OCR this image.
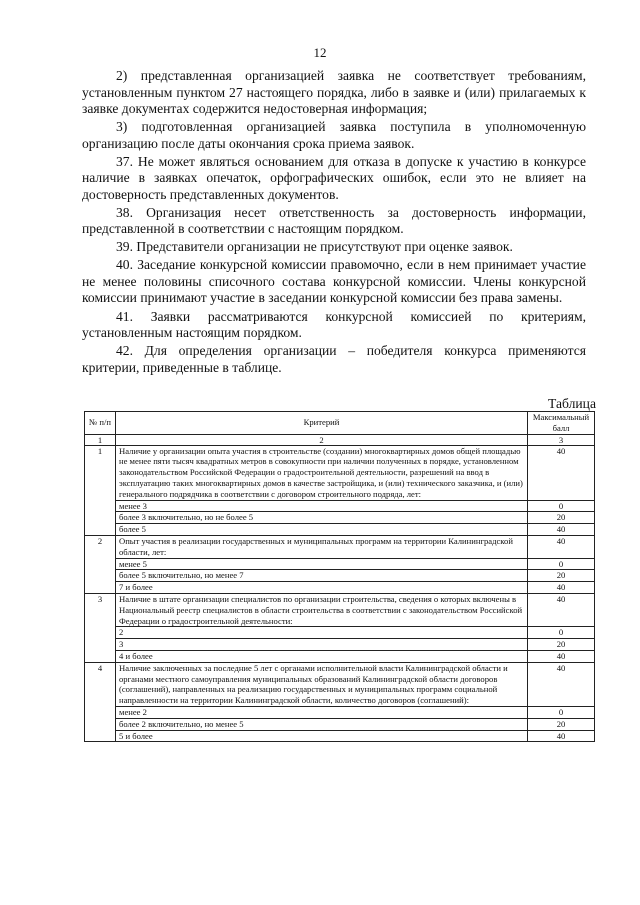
12

2) представленная организацией заявка не соответствует требованиям, установленным пунктом 27 настоящего порядка, либо в заявке и (или) прилагаемых к заявке документах содержится недостоверная информация;

3) подготовленная организацией заявка поступила в уполномоченную организацию после даты окончания срока приема заявок.

37. Не может являться основанием для отказа в допуске к участию в конкурсе наличие в заявках опечаток, орфографических ошибок, если это не влияет на достоверность представленных документов.

38. Организация несет ответственность за достоверность информации, представленной в соответствии с настоящим порядком.

39. Представители организации не присутствуют при оценке заявок.

40. Заседание конкурсной комиссии правомочно, если в нем принимает участие не менее половины списочного состава конкурсной комиссии. Члены конкурсной комиссии принимают участие в заседании конкурсной комиссии без права замены.

41. Заявки рассматриваются конкурсной комиссией по критериям, установленным настоящим порядком.

42. Для определения организации – победителя конкурса применяются критерии, приведенные в таблице.

Таблица
№ п/п	Критерий	Максимальный балл
1	2	3
1	Наличие у организации опыта участия в строительстве (создании) многоквартирных домов общей площадью не менее пяти тысяч квадратных метров в совокупности при наличии полученных в порядке, установленном законодательством Российской Федерации о градостроительной деятельности, разрешений на ввод в эксплуатацию таких многоквартирных домов в качестве застройщика, и (или) технического заказчика, и (или) генерального подрядчика в соответствии с договором строительного подряда, лет:	40
	менее 3	0
	более 3 включительно, но не более 5	20
	более 5	40
2	Опыт участия в реализации государственных и муниципальных программ на территории Калининградской области, лет:	40
	менее 5	0
	более 5 включительно, но менее 7	20
	7 и более	40
3	Наличие в штате организации специалистов по организации строительства, сведения о которых включены в Национальный реестр специалистов в области строительства в соответствии с законодательством Российской Федерации о градостроительной деятельности:	40
	2	0
	3	20
	4 и более	40
4	Наличие заключенных за последние 5 лет с органами исполнительной власти Калининградской области и органами местного самоуправления муниципальных образований Калининградской области договоров (соглашений), направленных на реализацию государственных и муниципальных программ социальной направленности на территории Калининградской области, количество договоров (соглашений):	40
	менее 2	0
	более 2 включительно, но менее 5	20
	5 и более	40
